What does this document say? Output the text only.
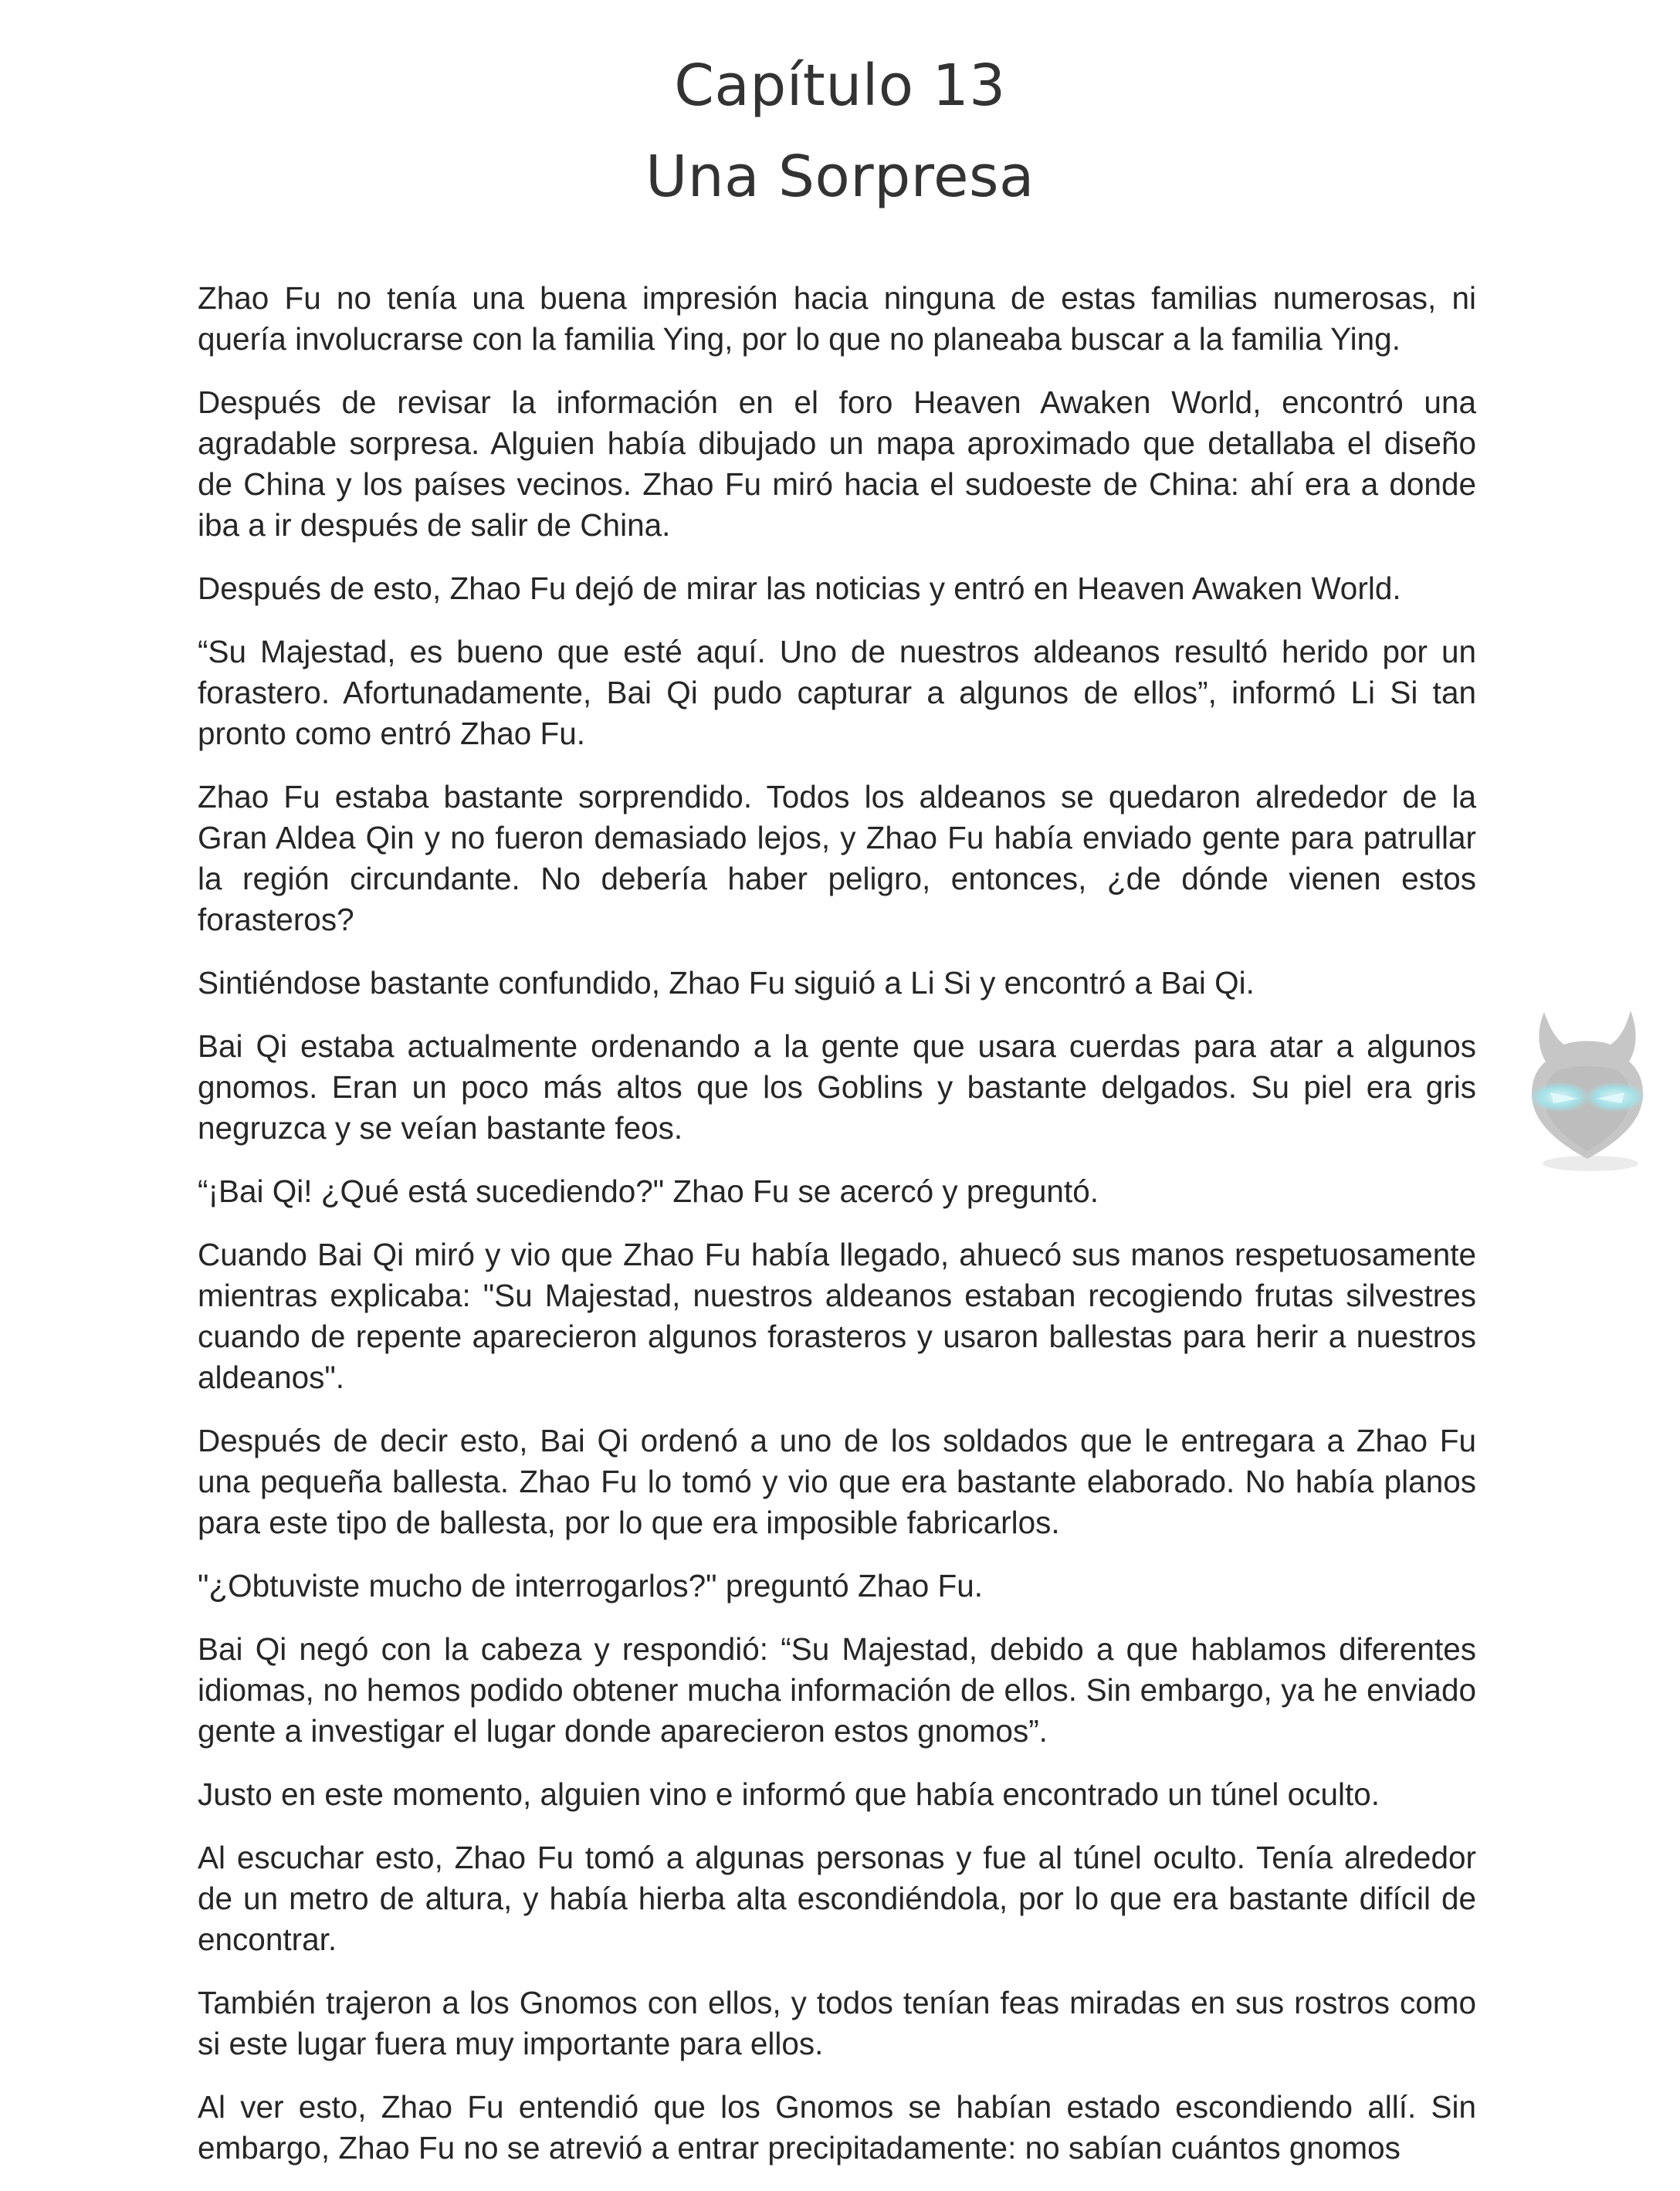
Capítulo 13
Una Sorpresa

Zhao Fu no tenía una buena impresión hacia ninguna de estas familias numerosas, ni quería involucrarse con la familia Ying, por lo que no planeaba buscar a la familia Ying.

Después de revisar la información en el foro Heaven Awaken World, encontró una agradable sorpresa. Alguien había dibujado un mapa aproximado que detallaba el diseño de China y los países vecinos. Zhao Fu miró hacia el sudoeste de China: ahí era a donde iba a ir después de salir de China.

Después de esto, Zhao Fu dejó de mirar las noticias y entró en Heaven Awaken World.

“Su Majestad, es bueno que esté aquí. Uno de nuestros aldeanos resultó herido por un forastero. Afortunadamente, Bai Qi pudo capturar a algunos de ellos”, informó Li Si tan pronto como entró Zhao Fu.

Zhao Fu estaba bastante sorprendido. Todos los aldeanos se quedaron alrededor de la Gran Aldea Qin y no fueron demasiado lejos, y Zhao Fu había enviado gente para patrullar la región circundante. No debería haber peligro, entonces, ¿de dónde vienen estos forasteros?

Sintiéndose bastante confundido, Zhao Fu siguió a Li Si y encontró a Bai Qi.

Bai Qi estaba actualmente ordenando a la gente que usara cuerdas para atar a algunos gnomos. Eran un poco más altos que los Goblins y bastante delgados. Su piel era gris negruzca y se veían bastante feos.

“¡Bai Qi! ¿Qué está sucediendo?" Zhao Fu se acercó y preguntó.

Cuando Bai Qi miró y vio que Zhao Fu había llegado, ahuecó sus manos respetuosamente mientras explicaba: "Su Majestad, nuestros aldeanos estaban recogiendo frutas silvestres cuando de repente aparecieron algunos forasteros y usaron ballestas para herir a nuestros aldeanos".

Después de decir esto, Bai Qi ordenó a uno de los soldados que le entregara a Zhao Fu una pequeña ballesta. Zhao Fu lo tomó y vio que era bastante elaborado. No había planos para este tipo de ballesta, por lo que era imposible fabricarlos.

"¿Obtuviste mucho de interrogarlos?" preguntó Zhao Fu.

Bai Qi negó con la cabeza y respondió: “Su Majestad, debido a que hablamos diferentes idiomas, no hemos podido obtener mucha información de ellos. Sin embargo, ya he enviado gente a investigar el lugar donde aparecieron estos gnomos”.

Justo en este momento, alguien vino e informó que había encontrado un túnel oculto.

Al escuchar esto, Zhao Fu tomó a algunas personas y fue al túnel oculto. Tenía alrededor de un metro de altura, y había hierba alta escondiéndola, por lo que era bastante difícil de encontrar.

También trajeron a los Gnomos con ellos, y todos tenían feas miradas en sus rostros como si este lugar fuera muy importante para ellos.

Al ver esto, Zhao Fu entendió que los Gnomos se habían estado escondiendo allí. Sin embargo, Zhao Fu no se atrevió a entrar precipitadamente: no sabían cuántos gnomos
